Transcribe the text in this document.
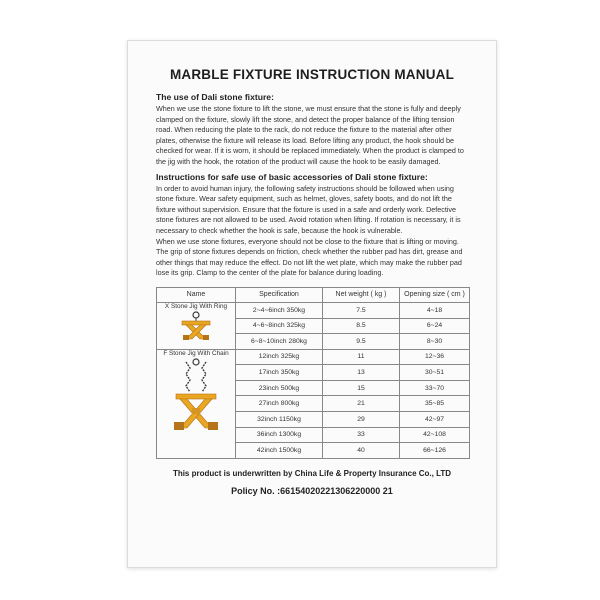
MARBLE FIXTURE INSTRUCTION MANUAL
The use of Dali stone fixture:

When we use the stone fixture to lift the stone, we must ensure that the stone is fully and deeply clamped on the fixture, slowly lift the stone, and detect the proper balance of the lifting tension road. When reducing the plate to the rack, do not reduce the fixture to the material after other plates, otherwise the fixture will release its load. Before lifting any product, the hook should be checked for wear. If it is worn, it should be replaced immediately. When the product is clamped to the jig with the hook, the rotation of the product will cause the hook to be easily damaged.

Instructions for safe use of basic accessories of Dali stone fixture:

In order to avoid human injury, the following safety instructions should be followed when using stone fixture. Wear safety equipment, such as helmet, gloves, safety boots, and do not lift the fixture without supervision. Ensure that the fixture is used in a safe and orderly work. Defective stone fixtures are not allowed to be used. Avoid rotation when lifting. If rotation is necessary, it is necessary to check whether the hook is safe, because the hook is vulnerable.

When we use stone fixtures, everyone should not be close to the fixture that is lifting or moving. The grip of stone fixtures depends on friction, check whether the rubber pad has dirt, grease and other things that may reduce the effect. Do not lift the wet plate, which may make the rubber pad lose its grip. Clamp to the center of the plate for balance during loading.

Name	Specification	Net weight ( kg )	Opening size ( cm )

X Stone Jig With Ring	2~4~6inch 350kg	7.5	4~18
	4~6~8inch 325kg	8.5	6~24
	6~8~10inch 280kg	9.5	8~30

F Stone Jig With Chain	12inch 325kg	11	12~36
	17inch 350kg	13	30~51
	23inch 500kg	15	33~70
	27inch 800kg	21	35~85
	32inch 1150kg	29	42~97
	36inch 1300kg	33	42~108
	42inch 1500kg	40	66~126
This product is underwritten by China Life & Property Insurance Co., LTD
Policy No. :66154020221306220000 21
